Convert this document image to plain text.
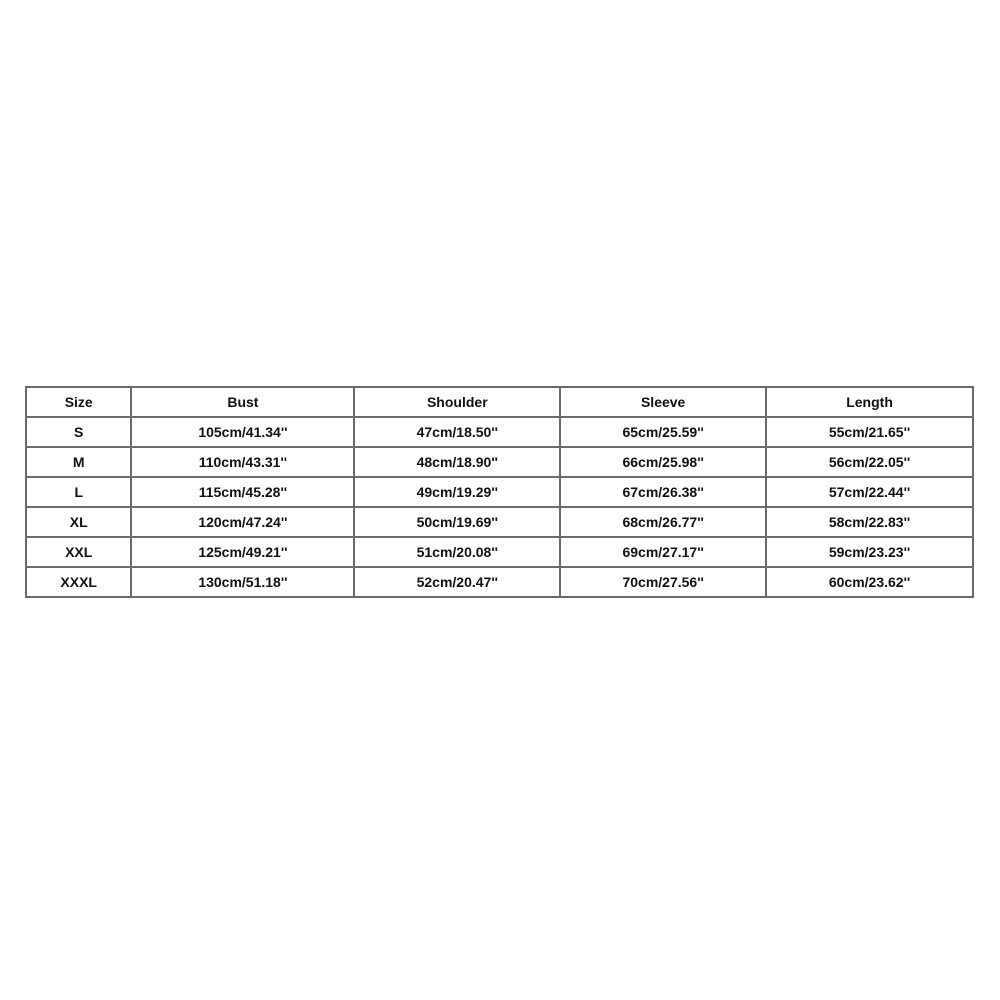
Size	Bust	Shoulder	Sleeve	Length
S	105cm/41.34''	47cm/18.50''	65cm/25.59''	55cm/21.65''
M	110cm/43.31''	48cm/18.90''	66cm/25.98''	56cm/22.05''
L	115cm/45.28''	49cm/19.29''	67cm/26.38''	57cm/22.44''
XL	120cm/47.24''	50cm/19.69''	68cm/26.77''	58cm/22.83''
XXL	125cm/49.21''	51cm/20.08''	69cm/27.17''	59cm/23.23''
XXXL	130cm/51.18''	52cm/20.47''	70cm/27.56''	60cm/23.62''
